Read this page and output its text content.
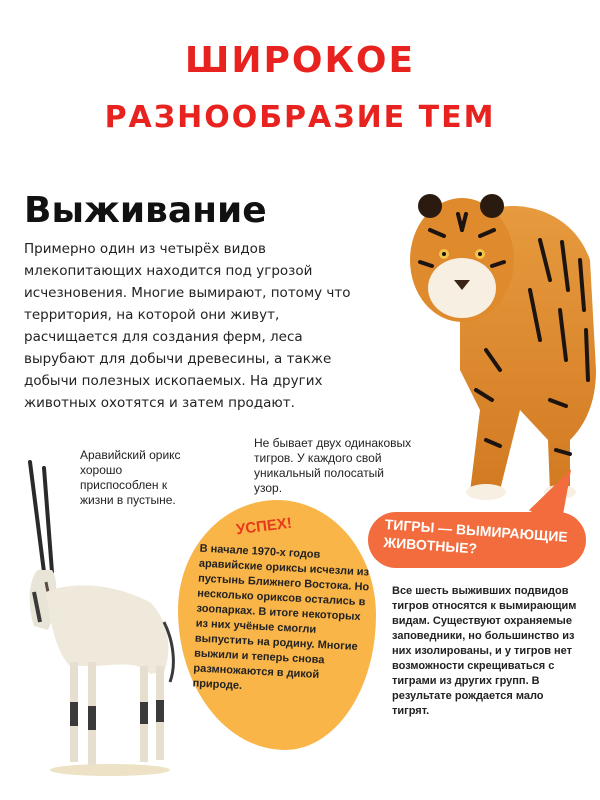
ШИРОКОЕ
РАЗНООБРАЗИЕ ТЕМ
Выживание

Примерно один из четырёх видов млекопитающих находится под угрозой исчезновения. Многие вымирают, потому что территория, на которой они живут, расчищается для создания ферм, леса вырубают для добычи древесины, а также добычи полезных ископаемых. На других животных охотятся и затем продают.

Аравийский орикс хорошо приспособлен к жизни в пустыне.

Не бывает двух одинаковых тигров. У каждого свой уникальный полосатый узор.

УСПЕХ!

В начале 1970-х годов аравийские ориксы исчезли из пустынь Ближнего Востока. Но несколько ориксов остались в зоопарках. В итоге некоторых из них учёные смогли выпустить на родину. Многие выжили и теперь снова размножаются в дикой природе.

ТИГРЫ — ВЫМИРАЮЩИЕ ЖИВОТНЫЕ?

Все шесть выживших подвидов тигров относятся к вымирающим видам. Существуют охраняемые заповедники, но большинство из них изолированы, и у тигров нет возможности скрещиваться с тиграми из других групп. В результате рождается мало тигрят.
